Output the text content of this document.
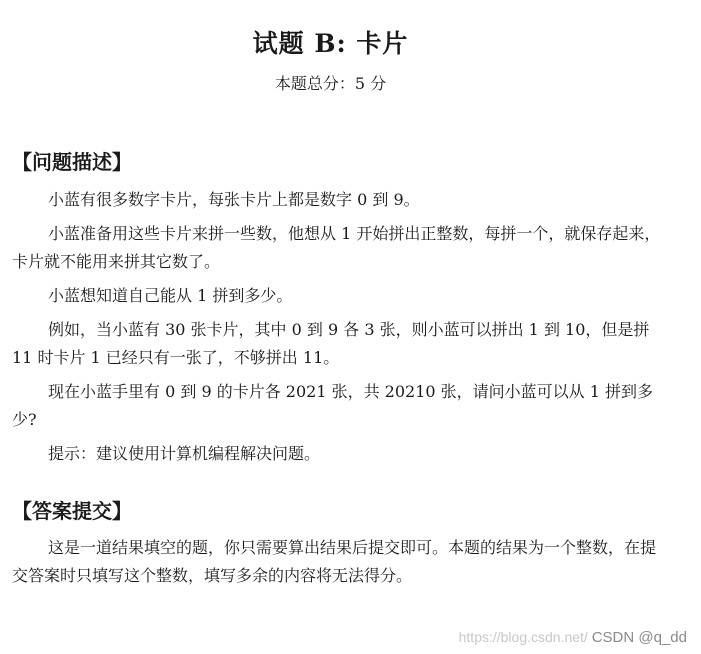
试题 B: 卡片
本题总分：5 分
【问题描述】

小蓝有很多数字卡片，每张卡片上都是数字 0 到 9。

小蓝准备用这些卡片来拼一些数，他想从 1 开始拼出正整数，每拼一个，就保存起来，卡片就不能用来拼其它数了。

小蓝想知道自己能从 1 拼到多少。

例如，当小蓝有 30 张卡片，其中 0 到 9 各 3 张，则小蓝可以拼出 1 到 10，但是拼 11 时卡片 1 已经只有一张了，不够拼出 11。

现在小蓝手里有 0 到 9 的卡片各 2021 张，共 20210 张，请问小蓝可以从 1 拼到多少?

提示：建议使用计算机编程解决问题。

【答案提交】

这是一道结果填空的题，你只需要算出结果后提交即可。本题的结果为一个整数，在提交答案时只填写这个整数，填写多余的内容将无法得分。

https://blog.csdn.net/ CSDN @q_dd
